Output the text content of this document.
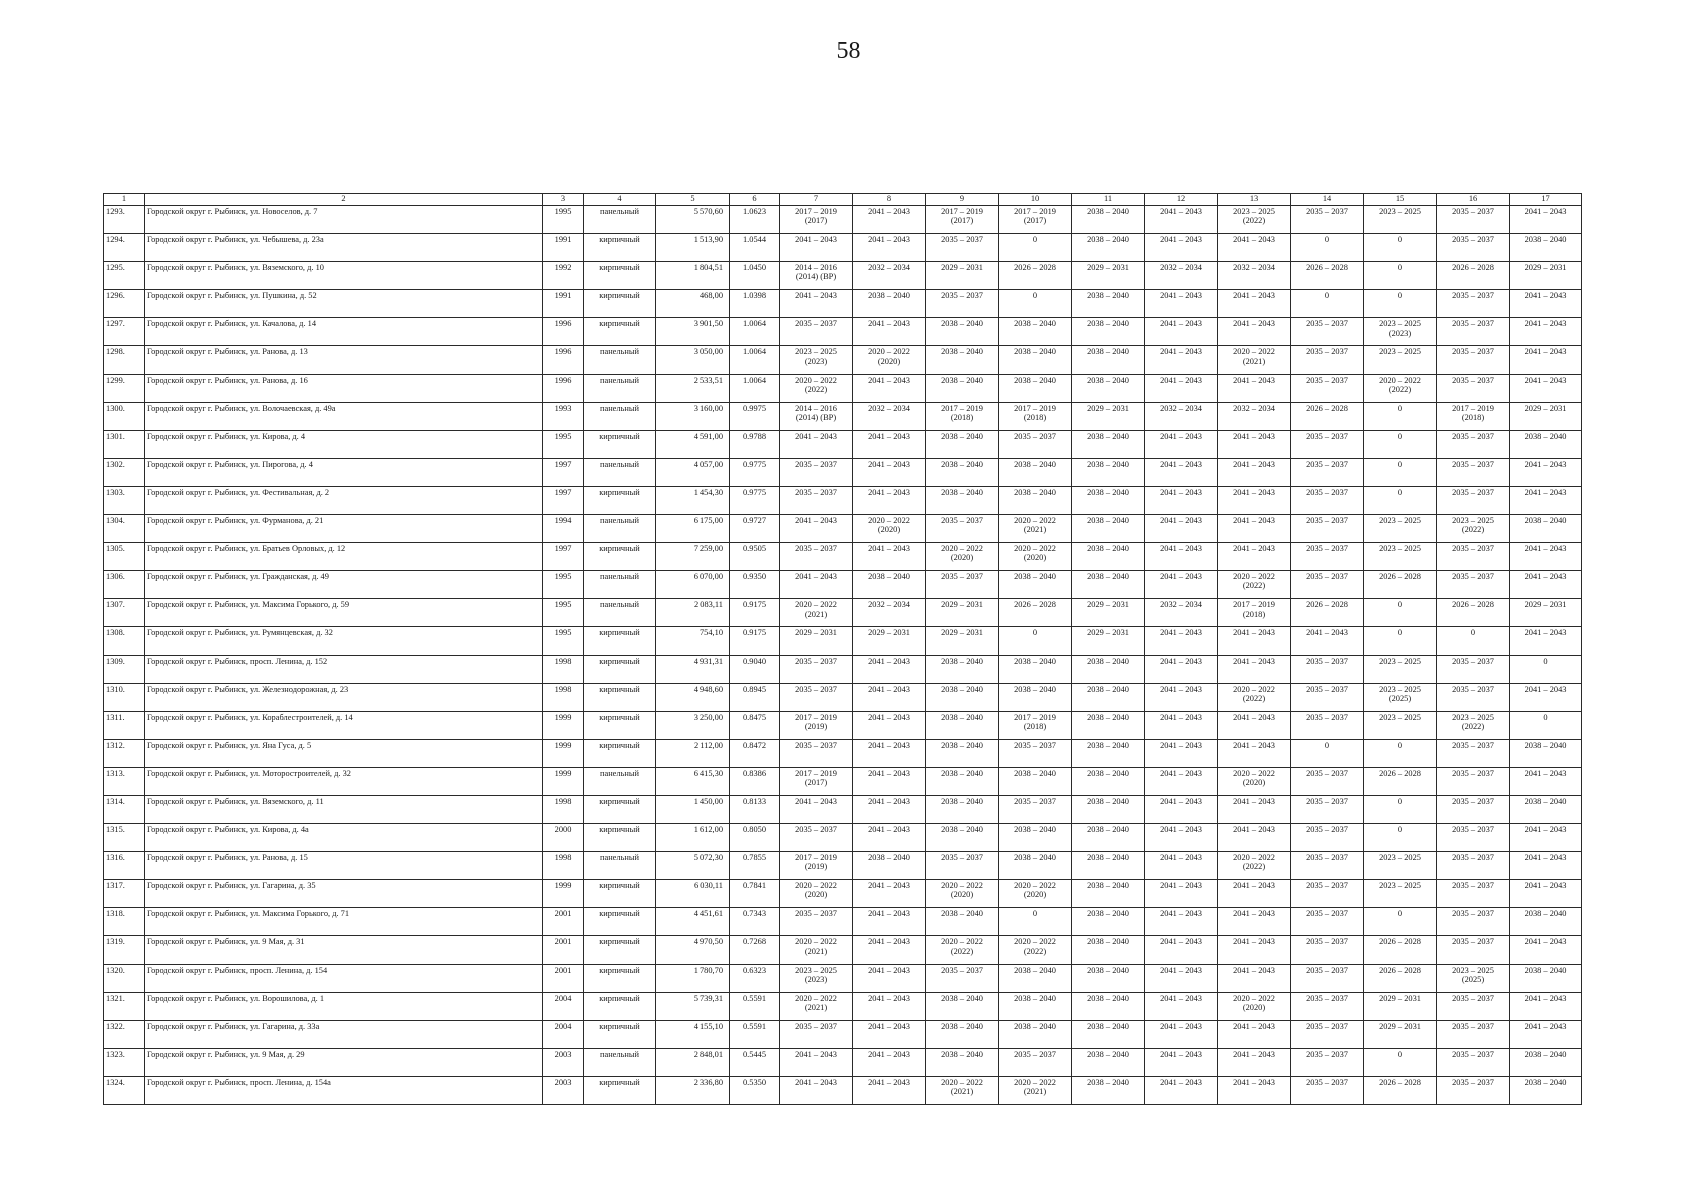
58
1	2	3	4	5	6	7	8	9	10	11	12	13	14	15	16	17

1293.	Городской округ г. Рыбинск, ул. Новоселов, д. 7	1995	панельный	5 570,60	1.0623	2017 – 2019
(2017)	2041 – 2043	2017 – 2019
(2017)	2017 – 2019
(2017)	2038 – 2040	2041 – 2043	2023 – 2025
(2022)	2035 – 2037	2023 – 2025	2035 – 2037	2041 – 2043

1294.	Городской округ г. Рыбинск, ул. Чебышева, д. 23а	1991	кирпичный	1 513,90	1.0544	2041 – 2043	2041 – 2043	2035 – 2037	0	2038 – 2040	2041 – 2043	2041 – 2043	0	0	2035 – 2037	2038 – 2040

1295.	Городской округ г. Рыбинск, ул. Вяземского, д. 10	1992	кирпичный	1 804,51	1.0450	2014 – 2016
(2014) (ВР)	2032 – 2034	2029 – 2031	2026 – 2028	2029 – 2031	2032 – 2034	2032 – 2034	2026 – 2028	0	2026 – 2028	2029 – 2031

1296.	Городской округ г. Рыбинск, ул. Пушкина, д. 52	1991	кирпичный	468,00	1.0398	2041 – 2043	2038 – 2040	2035 – 2037	0	2038 – 2040	2041 – 2043	2041 – 2043	0	0	2035 – 2037	2041 – 2043

1297.	Городской округ г. Рыбинск, ул. Качалова, д. 14	1996	кирпичный	3 901,50	1.0064	2035 – 2037	2041 – 2043	2038 – 2040	2038 – 2040	2038 – 2040	2041 – 2043	2041 – 2043	2035 – 2037	2023 – 2025
(2023)	2035 – 2037	2041 – 2043

1298.	Городской округ г. Рыбинск, ул. Ранова, д. 13	1996	панельный	3 050,00	1.0064	2023 – 2025
(2023)	2020 – 2022
(2020)	2038 – 2040	2038 – 2040	2038 – 2040	2041 – 2043	2020 – 2022
(2021)	2035 – 2037	2023 – 2025	2035 – 2037	2041 – 2043

1299.	Городской округ г. Рыбинск, ул. Ранова, д. 16	1996	панельный	2 533,51	1.0064	2020 – 2022
(2022)	2041 – 2043	2038 – 2040	2038 – 2040	2038 – 2040	2041 – 2043	2041 – 2043	2035 – 2037	2020 – 2022
(2022)	2035 – 2037	2041 – 2043

1300.	Городской округ г. Рыбинск, ул. Волочаевская, д. 49а	1993	панельный	3 160,00	0.9975	2014 – 2016
(2014) (ВР)	2032 – 2034	2017 – 2019
(2018)	2017 – 2019
(2018)	2029 – 2031	2032 – 2034	2032 – 2034	2026 – 2028	0	2017 – 2019
(2018)	2029 – 2031

1301.	Городской округ г. Рыбинск, ул. Кирова, д. 4	1995	кирпичный	4 591,00	0.9788	2041 – 2043	2041 – 2043	2038 – 2040	2035 – 2037	2038 – 2040	2041 – 2043	2041 – 2043	2035 – 2037	0	2035 – 2037	2038 – 2040

1302.	Городской округ г. Рыбинск, ул. Пирогова, д. 4	1997	панельный	4 057,00	0.9775	2035 – 2037	2041 – 2043	2038 – 2040	2038 – 2040	2038 – 2040	2041 – 2043	2041 – 2043	2035 – 2037	0	2035 – 2037	2041 – 2043

1303.	Городской округ г. Рыбинск, ул. Фестивальная, д. 2	1997	кирпичный	1 454,30	0.9775	2035 – 2037	2041 – 2043	2038 – 2040	2038 – 2040	2038 – 2040	2041 – 2043	2041 – 2043	2035 – 2037	0	2035 – 2037	2041 – 2043

1304.	Городской округ г. Рыбинск, ул. Фурманова, д. 21	1994	панельный	6 175,00	0.9727	2041 – 2043	2020 – 2022
(2020)	2035 – 2037	2020 – 2022
(2021)	2038 – 2040	2041 – 2043	2041 – 2043	2035 – 2037	2023 – 2025	2023 – 2025
(2022)	2038 – 2040

1305.	Городской округ г. Рыбинск, ул. Братьев Орловых, д. 12	1997	кирпичный	7 259,00	0.9505	2035 – 2037	2041 – 2043	2020 – 2022
(2020)	2020 – 2022
(2020)	2038 – 2040	2041 – 2043	2041 – 2043	2035 – 2037	2023 – 2025	2035 – 2037	2041 – 2043

1306.	Городской округ г. Рыбинск, ул. Гражданская, д. 49	1995	панельный	6 070,00	0.9350	2041 – 2043	2038 – 2040	2035 – 2037	2038 – 2040	2038 – 2040	2041 – 2043	2020 – 2022
(2022)	2035 – 2037	2026 – 2028	2035 – 2037	2041 – 2043

1307.	Городской округ г. Рыбинск, ул. Максима Горького, д. 59	1995	панельный	2 083,11	0.9175	2020 – 2022
(2021)	2032 – 2034	2029 – 2031	2026 – 2028	2029 – 2031	2032 – 2034	2017 – 2019
(2018)	2026 – 2028	0	2026 – 2028	2029 – 2031

1308.	Городской округ г. Рыбинск, ул. Румянцевская, д. 32	1995	кирпичный	754,10	0.9175	2029 – 2031	2029 – 2031	2029 – 2031	0	2029 – 2031	2041 – 2043	2041 – 2043	2041 – 2043	0	0	2041 – 2043

1309.	Городской округ г. Рыбинск, просп. Ленина, д. 152	1998	кирпичный	4 931,31	0.9040	2035 – 2037	2041 – 2043	2038 – 2040	2038 – 2040	2038 – 2040	2041 – 2043	2041 – 2043	2035 – 2037	2023 – 2025	2035 – 2037	0

1310.	Городской округ г. Рыбинск, ул. Железнодорожная, д. 23	1998	кирпичный	4 948,60	0.8945	2035 – 2037	2041 – 2043	2038 – 2040	2038 – 2040	2038 – 2040	2041 – 2043	2020 – 2022
(2022)	2035 – 2037	2023 – 2025
(2025)	2035 – 2037	2041 – 2043

1311.	Городской округ г. Рыбинск, ул. Кораблестроителей, д. 14	1999	кирпичный	3 250,00	0.8475	2017 – 2019
(2019)	2041 – 2043	2038 – 2040	2017 – 2019
(2018)	2038 – 2040	2041 – 2043	2041 – 2043	2035 – 2037	2023 – 2025	2023 – 2025
(2022)	0

1312.	Городской округ г. Рыбинск, ул. Яна Гуса, д. 5	1999	кирпичный	2 112,00	0.8472	2035 – 2037	2041 – 2043	2038 – 2040	2035 – 2037	2038 – 2040	2041 – 2043	2041 – 2043	0	0	2035 – 2037	2038 – 2040

1313.	Городской округ г. Рыбинск, ул. Моторостроителей, д. 32	1999	панельный	6 415,30	0.8386	2017 – 2019
(2017)	2041 – 2043	2038 – 2040	2038 – 2040	2038 – 2040	2041 – 2043	2020 – 2022
(2020)	2035 – 2037	2026 – 2028	2035 – 2037	2041 – 2043

1314.	Городской округ г. Рыбинск, ул. Вяземского, д. 11	1998	кирпичный	1 450,00	0.8133	2041 – 2043	2041 – 2043	2038 – 2040	2035 – 2037	2038 – 2040	2041 – 2043	2041 – 2043	2035 – 2037	0	2035 – 2037	2038 – 2040

1315.	Городской округ г. Рыбинск, ул. Кирова, д. 4а	2000	кирпичный	1 612,00	0.8050	2035 – 2037	2041 – 2043	2038 – 2040	2038 – 2040	2038 – 2040	2041 – 2043	2041 – 2043	2035 – 2037	0	2035 – 2037	2041 – 2043

1316.	Городской округ г. Рыбинск, ул. Ранова, д. 15	1998	панельный	5 072,30	0.7855	2017 – 2019
(2019)	2038 – 2040	2035 – 2037	2038 – 2040	2038 – 2040	2041 – 2043	2020 – 2022
(2022)	2035 – 2037	2023 – 2025	2035 – 2037	2041 – 2043

1317.	Городской округ г. Рыбинск, ул. Гагарина, д. 35	1999	кирпичный	6 030,11	0.7841	2020 – 2022
(2020)	2041 – 2043	2020 – 2022
(2020)	2020 – 2022
(2020)	2038 – 2040	2041 – 2043	2041 – 2043	2035 – 2037	2023 – 2025	2035 – 2037	2041 – 2043

1318.	Городской округ г. Рыбинск, ул. Максима Горького, д. 71	2001	кирпичный	4 451,61	0.7343	2035 – 2037	2041 – 2043	2038 – 2040	0	2038 – 2040	2041 – 2043	2041 – 2043	2035 – 2037	0	2035 – 2037	2038 – 2040

1319.	Городской округ г. Рыбинск, ул. 9 Мая, д. 31	2001	кирпичный	4 970,50	0.7268	2020 – 2022
(2021)	2041 – 2043	2020 – 2022
(2022)	2020 – 2022
(2022)	2038 – 2040	2041 – 2043	2041 – 2043	2035 – 2037	2026 – 2028	2035 – 2037	2041 – 2043

1320.	Городской округ г. Рыбинск, просп. Ленина, д. 154	2001	кирпичный	1 780,70	0.6323	2023 – 2025
(2023)	2041 – 2043	2035 – 2037	2038 – 2040	2038 – 2040	2041 – 2043	2041 – 2043	2035 – 2037	2026 – 2028	2023 – 2025
(2025)	2038 – 2040

1321.	Городской округ г. Рыбинск, ул. Ворошилова, д. 1	2004	кирпичный	5 739,31	0.5591	2020 – 2022
(2021)	2041 – 2043	2038 – 2040	2038 – 2040	2038 – 2040	2041 – 2043	2020 – 2022
(2020)	2035 – 2037	2029 – 2031	2035 – 2037	2041 – 2043

1322.	Городской округ г. Рыбинск, ул. Гагарина, д. 33а	2004	кирпичный	4 155,10	0.5591	2035 – 2037	2041 – 2043	2038 – 2040	2038 – 2040	2038 – 2040	2041 – 2043	2041 – 2043	2035 – 2037	2029 – 2031	2035 – 2037	2041 – 2043

1323.	Городской округ г. Рыбинск, ул. 9 Мая, д. 29	2003	панельный	2 848,01	0.5445	2041 – 2043	2041 – 2043	2038 – 2040	2035 – 2037	2038 – 2040	2041 – 2043	2041 – 2043	2035 – 2037	0	2035 – 2037	2038 – 2040

1324.	Городской округ г. Рыбинск, просп. Ленина, д. 154а	2003	кирпичный	2 336,80	0.5350	2041 – 2043	2041 – 2043	2020 – 2022
(2021)	2020 – 2022
(2021)	2038 – 2040	2041 – 2043	2041 – 2043	2035 – 2037	2026 – 2028	2035 – 2037	2038 – 2040
